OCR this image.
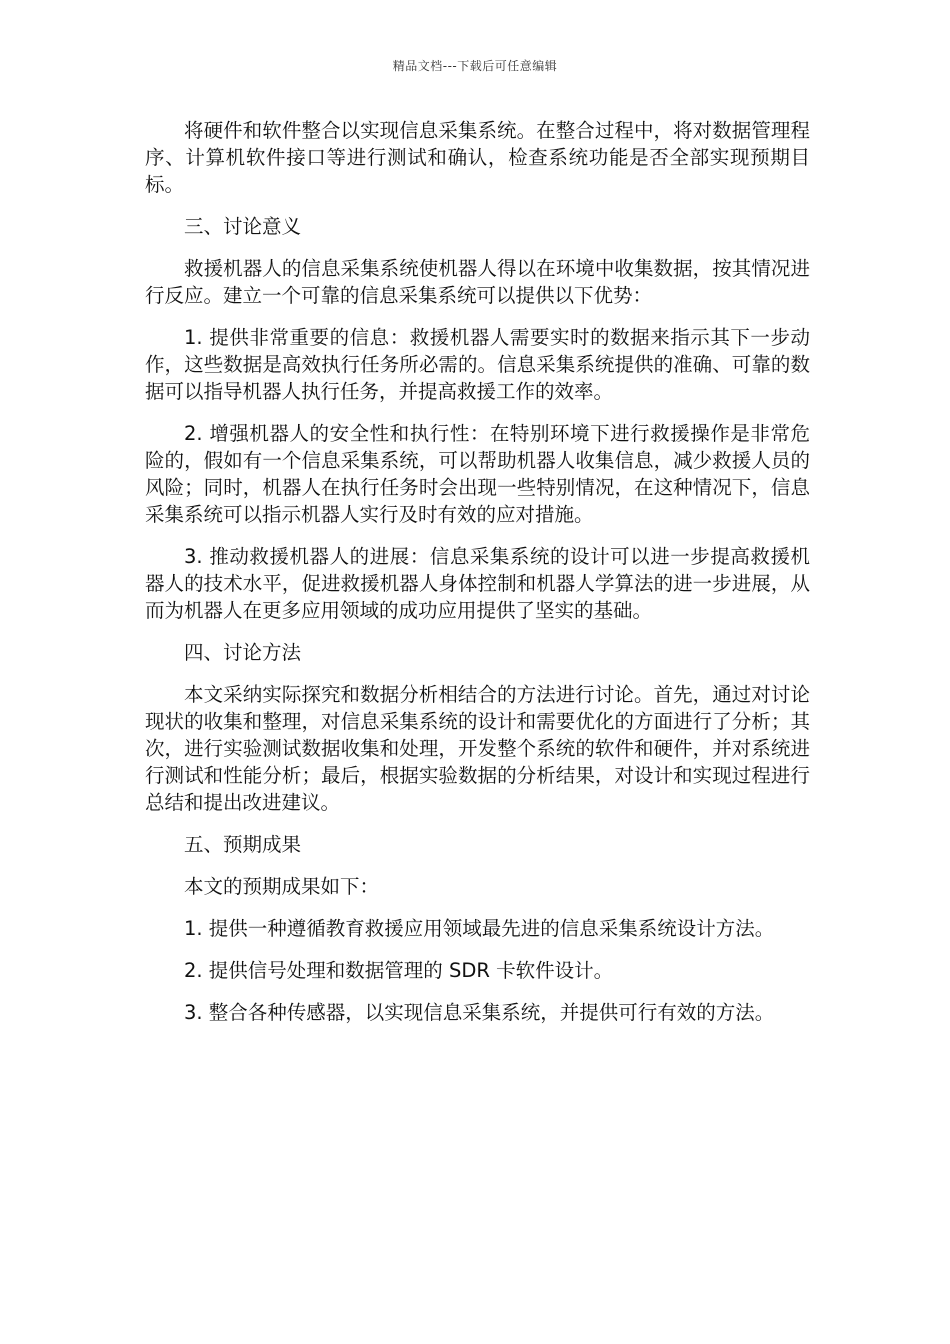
精品文档---下载后可任意编辑

将硬件和软件整合以实现信息采集系统。在整合过程中，将对数据管理程序、计算机软件接口等进行测试和确认，检查系统功能是否全部实现预期目标。

三、讨论意义

救援机器人的信息采集系统使机器人得以在环境中收集数据，按其情况进行反应。建立一个可靠的信息采集系统可以提供以下优势：

1. 提供非常重要的信息：救援机器人需要实时的数据来指示其下一步动作，这些数据是高效执行任务所必需的。信息采集系统提供的准确、可靠的数据可以指导机器人执行任务，并提高救援工作的效率。

2. 增强机器人的安全性和执行性：在特别环境下进行救援操作是非常危险的，假如有一个信息采集系统，可以帮助机器人收集信息，减少救援人员的风险；同时，机器人在执行任务时会出现一些特别情况，在这种情况下，信息采集系统可以指示机器人实行及时有效的应对措施。

3. 推动救援机器人的进展：信息采集系统的设计可以进一步提高救援机器人的技术水平，促进救援机器人身体控制和机器人学算法的进一步进展，从而为机器人在更多应用领域的成功应用提供了坚实的基础。

四、讨论方法

本文采纳实际探究和数据分析相结合的方法进行讨论。首先，通过对讨论现状的收集和整理，对信息采集系统的设计和需要优化的方面进行了分析；其次，进行实验测试数据收集和处理，开发整个系统的软件和硬件，并对系统进行测试和性能分析；最后，根据实验数据的分析结果，对设计和实现过程进行总结和提出改进建议。

五、预期成果

本文的预期成果如下：

1. 提供一种遵循教育救援应用领域最先进的信息采集系统设计方法。

2. 提供信号处理和数据管理的 SDR 卡软件设计。

3. 整合各种传感器，以实现信息采集系统，并提供可行有效的方法。
